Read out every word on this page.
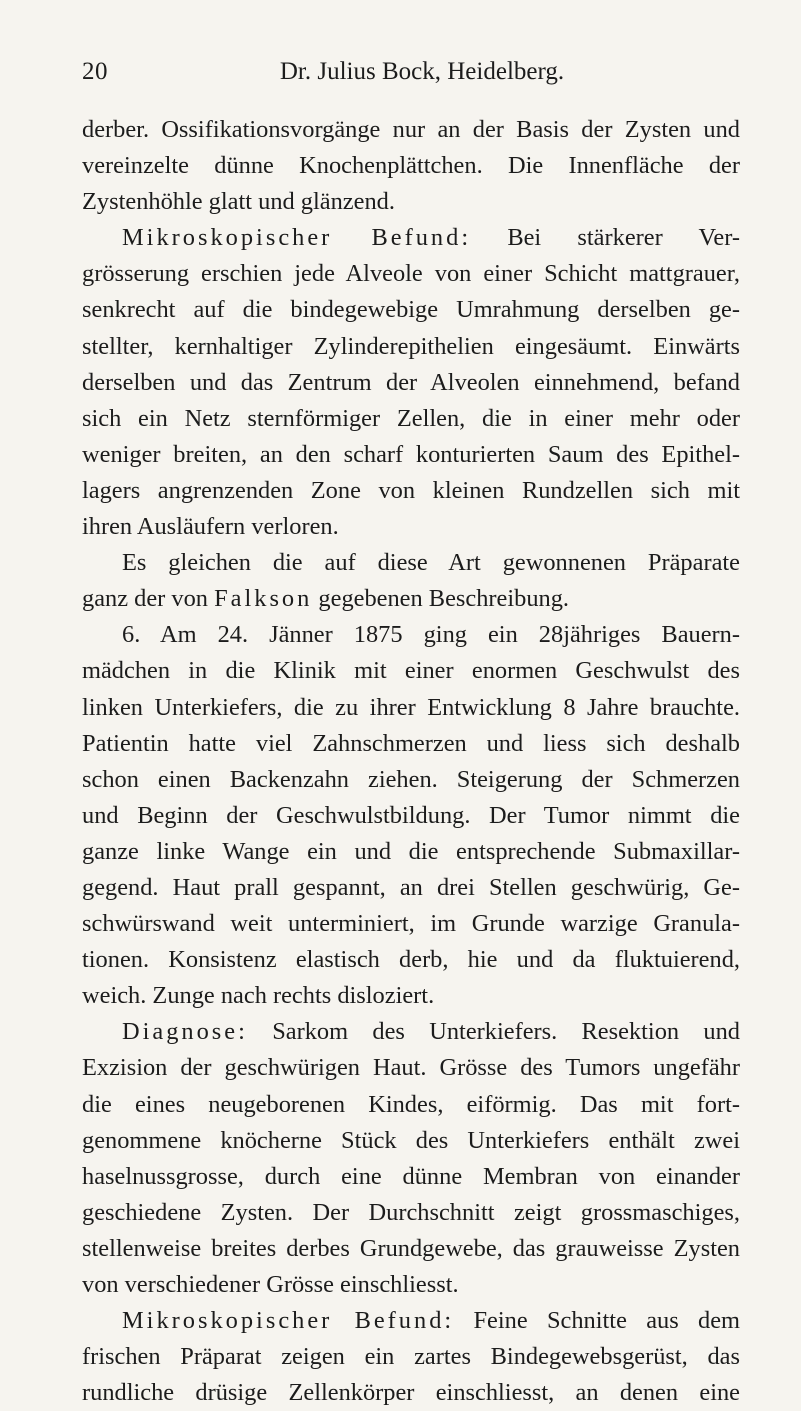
20	Dr. Julius Bock, Heidelberg.
derber. Ossifikationsvorgänge nur an der Basis der Zysten und
vereinzelte dünne Knochenplättchen. Die Innenfläche der
Zystenhöhle glatt und glänzend.
Mikroskopischer Befund: Bei stärkerer Ver-
grösserung erschien jede Alveole von einer Schicht mattgrauer,
senkrecht auf die bindegewebige Umrahmung derselben ge-
stellter, kernhaltiger Zylinderepithelien eingesäumt. Einwärts
derselben und das Zentrum der Alveolen einnehmend, befand
sich ein Netz sternförmiger Zellen, die in einer mehr oder
weniger breiten, an den scharf konturierten Saum des Epithel-
lagers angrenzenden Zone von kleinen Rundzellen sich mit
ihren Ausläufern verloren.
Es gleichen die auf diese Art gewonnenen Präparate
ganz der von Falkson gegebenen Beschreibung.
6. Am 24. Jänner 1875 ging ein 28jähriges Bauern-
mädchen in die Klinik mit einer enormen Geschwulst des
linken Unterkiefers, die zu ihrer Entwicklung 8 Jahre brauchte.
Patientin hatte viel Zahnschmerzen und liess sich deshalb
schon einen Backenzahn ziehen. Steigerung der Schmerzen
und Beginn der Geschwulstbildung. Der Tumor nimmt die
ganze linke Wange ein und die entsprechende Submaxillar-
gegend. Haut prall gespannt, an drei Stellen geschwürig, Ge-
schwürswand weit unterminiert, im Grunde warzige Granula-
tionen. Konsistenz elastisch derb, hie und da fluktuierend,
weich. Zunge nach rechts disloziert.
Diagnose: Sarkom des Unterkiefers. Resektion und
Exzision der geschwürigen Haut. Grösse des Tumors ungefähr
die eines neugeborenen Kindes, eiförmig. Das mit fort-
genommene knöcherne Stück des Unterkiefers enthält zwei
haselnussgrosse, durch eine dünne Membran von einander
geschiedene Zysten. Der Durchschnitt zeigt grossmaschiges,
stellenweise breites derbes Grundgewebe, das grauweisse Zysten
von verschiedener Grösse einschliesst.
Mikroskopischer Befund: Feine Schnitte aus dem
frischen Präparat zeigen ein zartes Bindegewebsgerüst, das
rundliche drüsige Zellenkörper einschliesst, an denen eine
